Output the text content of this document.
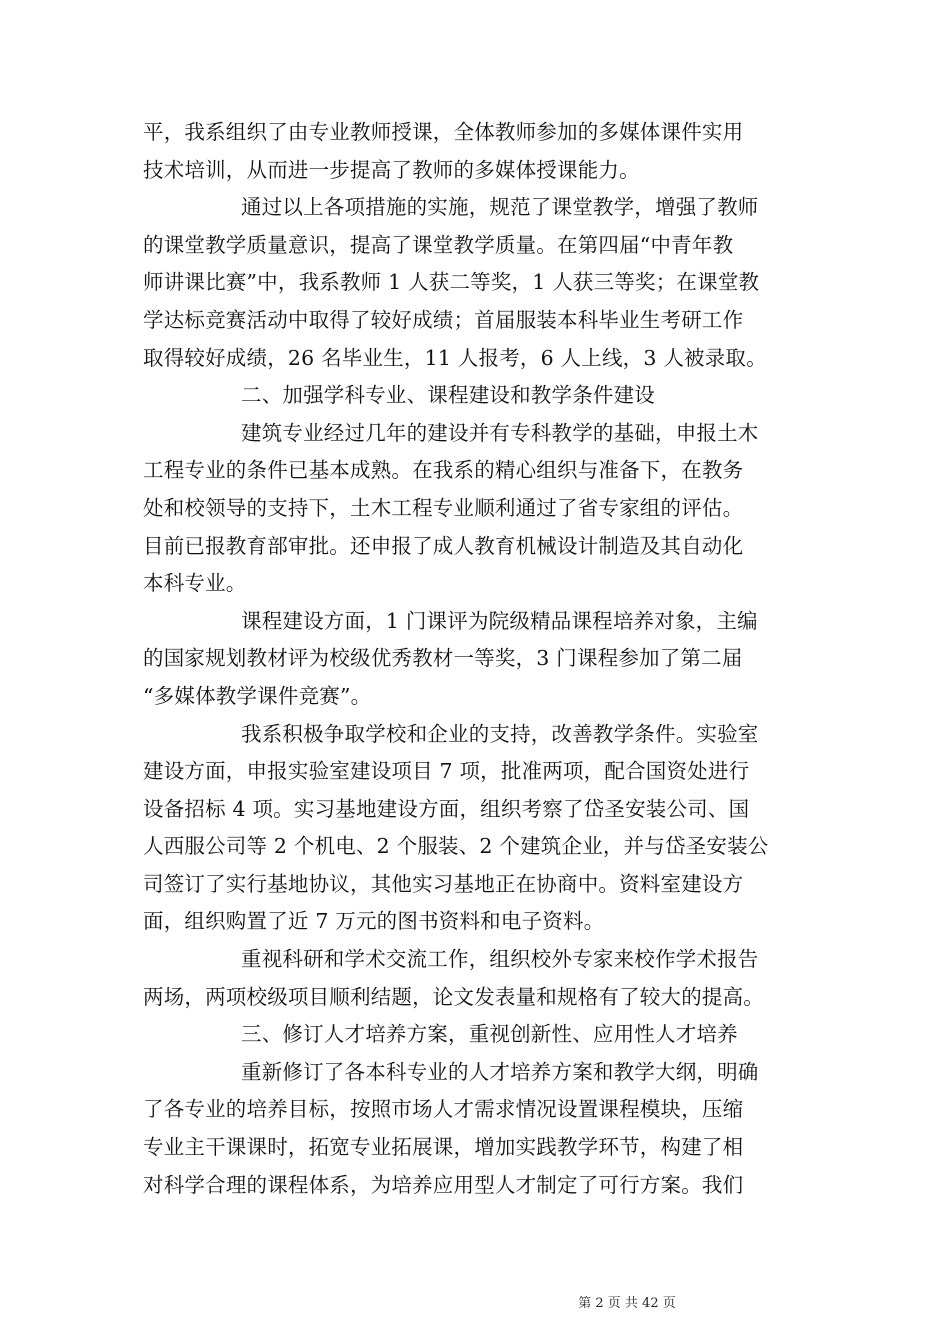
平，我系组织了由专业教师授课，全体教师参加的多媒体课件实用
技术培训，从而进一步提高了教师的多媒体授课能力。
通过以上各项措施的实施，规范了课堂教学，增强了教师
的课堂教学质量意识，提高了课堂教学质量。在第四届“中青年教
师讲课比赛”中，我系教师 1 人获二等奖，1 人获三等奖；在课堂教
学达标竞赛活动中取得了较好成绩；首届服装本科毕业生考研工作
取得较好成绩，26 名毕业生，11 人报考，6 人上线，3 人被录取。
二、加强学科专业、课程建设和教学条件建设
建筑专业经过几年的建设并有专科教学的基础，申报土木
工程专业的条件已基本成熟。在我系的精心组织与准备下，在教务
处和校领导的支持下，土木工程专业顺利通过了省专家组的评估。
目前已报教育部审批。还申报了成人教育机械设计制造及其自动化
本科专业。
课程建设方面，1 门课评为院级精品课程培养对象，主编
的国家规划教材评为校级优秀教材一等奖，3 门课程参加了第二届
“多媒体教学课件竞赛”。
我系积极争取学校和企业的支持，改善教学条件。实验室
建设方面，申报实验室建设项目 7 项，批准两项，配合国资处进行
设备招标 4 项。实习基地建设方面，组织考察了岱圣安装公司、国
人西服公司等 2 个机电、2 个服装、2 个建筑企业，并与岱圣安装公
司签订了实行基地协议，其他实习基地正在协商中。资料室建设方
面，组织购置了近 7 万元的图书资料和电子资料。
重视科研和学术交流工作，组织校外专家来校作学术报告
两场，两项校级项目顺利结题，论文发表量和规格有了较大的提高。
三、修订人才培养方案，重视创新性、应用性人才培养
重新修订了各本科专业的人才培养方案和教学大纲，明确
了各专业的培养目标，按照市场人才需求情况设置课程模块，压缩
专业主干课课时，拓宽专业拓展课，增加实践教学环节，构建了相
对科学合理的课程体系，为培养应用型人才制定了可行方案。我们
第 2 页 共 42 页
